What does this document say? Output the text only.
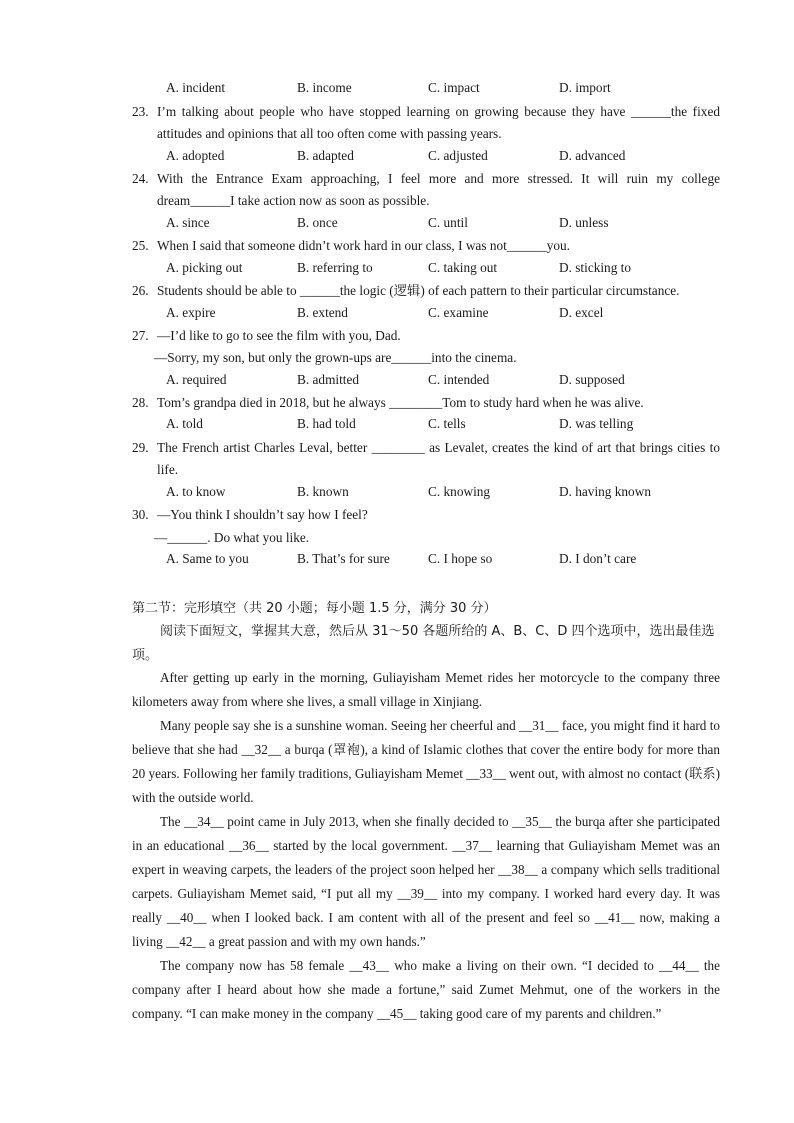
A. incident	B. income	C. impact	D. import
23. I’m talking about people who have stopped learning on growing because they have ______the fixed attitudes and opinions that all too often come with passing years.
A. adopted	B. adapted	C. adjusted	D. advanced
24. With the Entrance Exam approaching, I feel more and more stressed. It will ruin my college dream______I take action now as soon as possible.
A. since	B. once	C. until	D. unless
25. When I said that someone didn’t work hard in our class, I was not______you.
A. picking out	B. referring to	C. taking out	D. sticking to
26. Students should be able to ______the logic (逻辑) of each pattern to their particular circumstance.
A. expire	B. extend	C. examine	D. excel
27. —I’d like to go to see the film with you, Dad.
—Sorry, my son, but only the grown-ups are______into the cinema.
A. required	B. admitted	C. intended	D. supposed
28. Tom’s grandpa died in 2018, but he always ________Tom to study hard when he was alive.
A. told	B. had told	C. tells	D. was telling
29. The French artist Charles Leval, better ________ as Levalet, creates the kind of art that brings cities to life.
A. to know	B. known	C. knowing	D. having known
30. —You think I shouldn’t say how I feel?
—______. Do what you like.
A. Same to you	B. That’s for sure	C. I hope so	D. I don’t care
第二节：完形填空（共 20 小题；每小题 1.5 分，满分 30 分）
阅读下面短文，掌握其大意，然后从 31～50 各题所给的 A、B、C、D 四个选项中，选出最佳选项。
After getting up early in the morning, Guliayisham Memet rides her motorcycle to the company three kilometers away from where she lives, a small village in Xinjiang.
Many people say she is a sunshine woman. Seeing her cheerful and __31__ face, you might find it hard to believe that she had __32__ a burqa (罩袍), a kind of Islamic clothes that cover the entire body for more than 20 years. Following her family traditions, Guliayisham Memet __33__ went out, with almost no contact (联系) with the outside world.
The __34__ point came in July 2013, when she finally decided to __35__ the burqa after she participated in an educational __36__ started by the local government. __37__ learning that Guliayisham Memet was an expert in weaving carpets, the leaders of the project soon helped her __38__ a company which sells traditional carpets. Guliayisham Memet said, “I put all my __39__ into my company. I worked hard every day. It was really __40__ when I looked back. I am content with all of the present and feel so __41__ now, making a living __42__ a great passion and with my own hands.”
The company now has 58 female __43__ who make a living on their own. “I decided to __44__ the company after I heard about how she made a fortune,” said Zumet Mehmut, one of the workers in the company. “I can make money in the company __45__ taking good care of my parents and children.”
